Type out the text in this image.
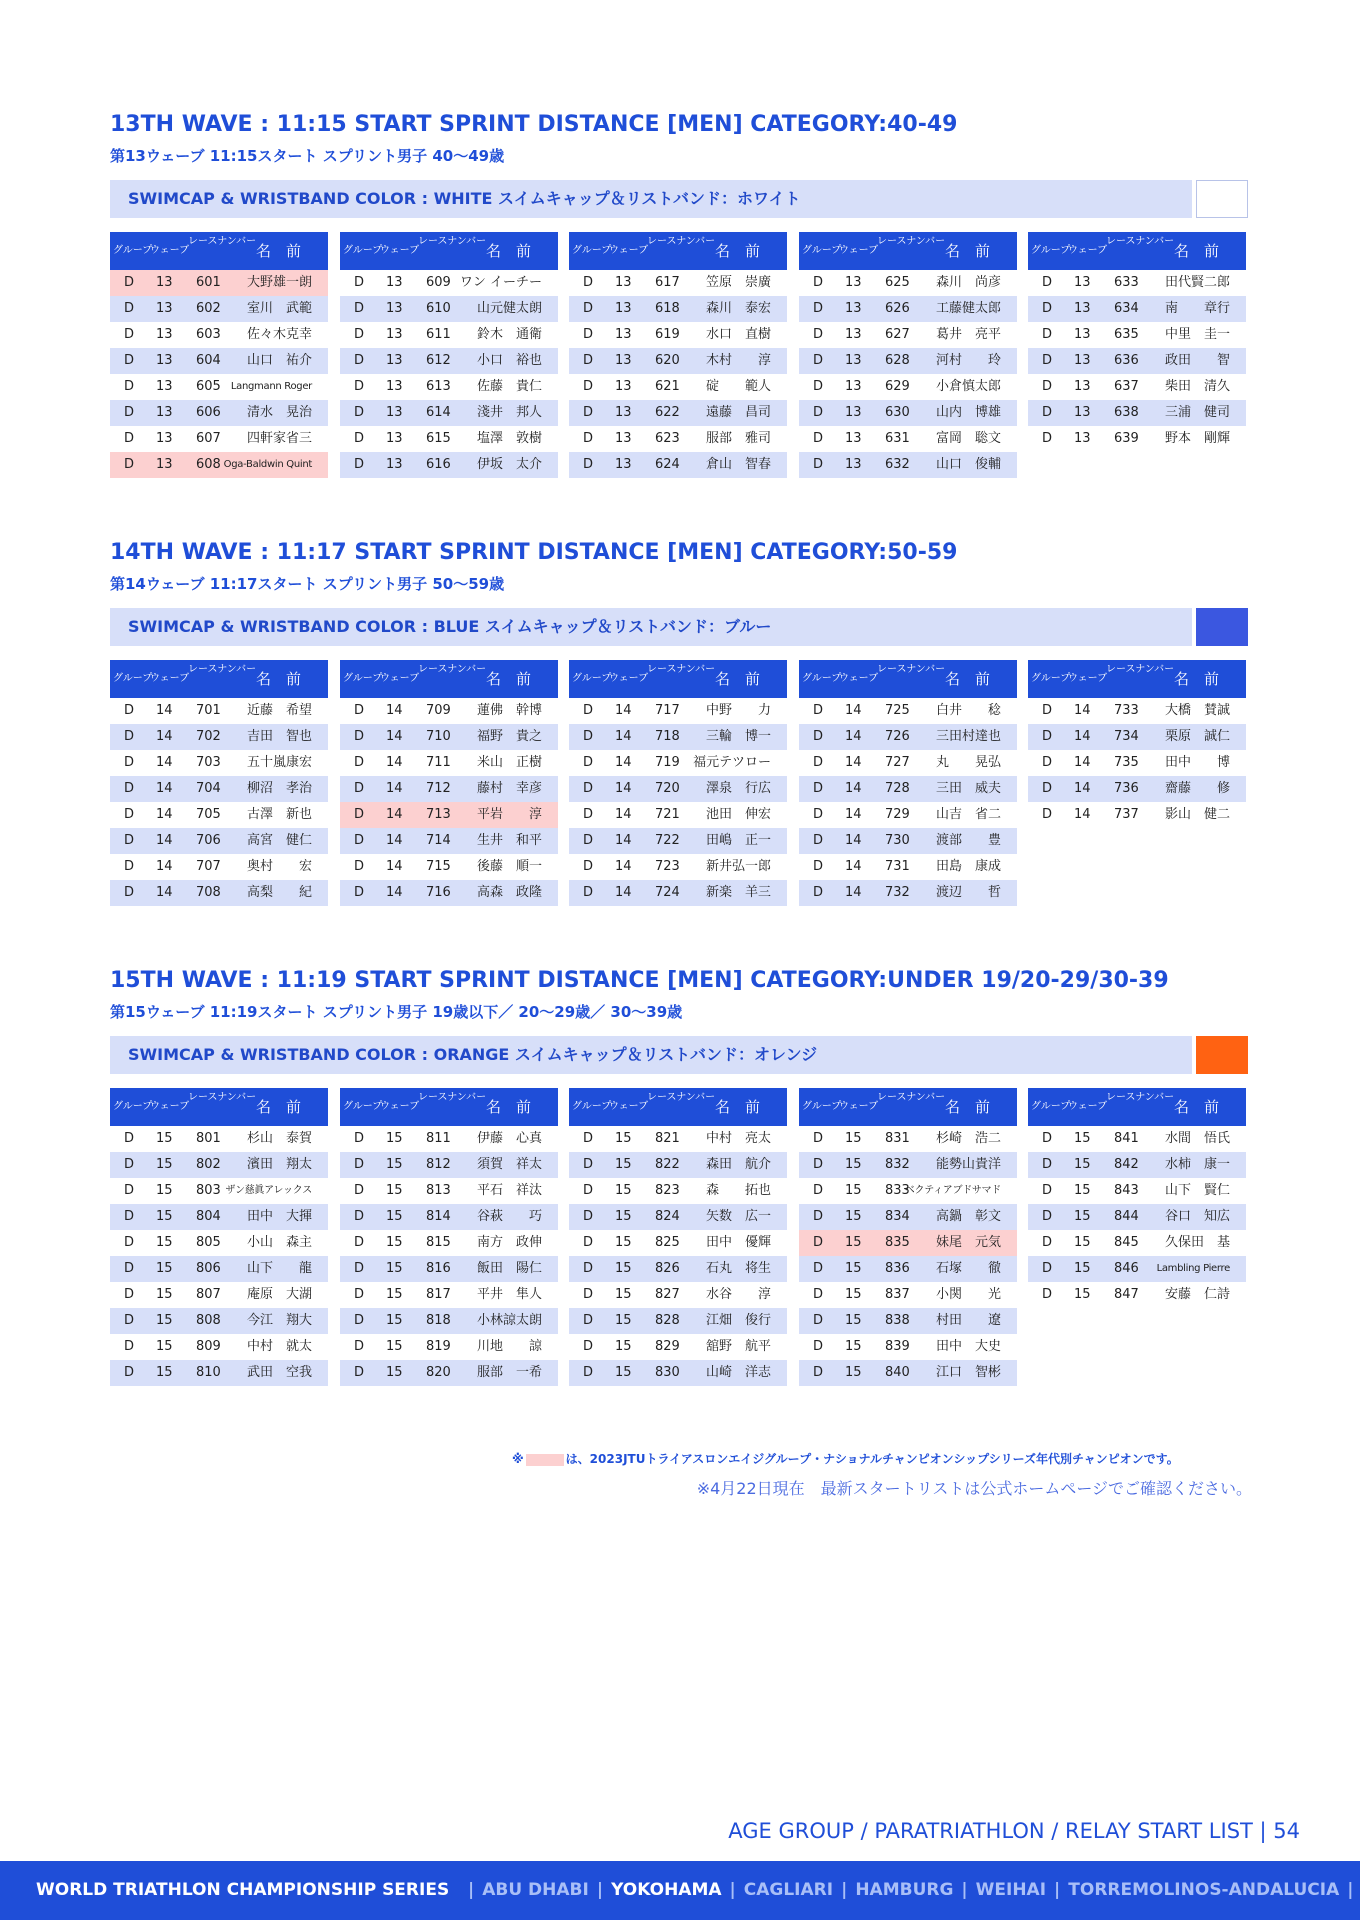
13TH WAVE : 11:15 START SPRINT DISTANCE [MEN] CATEGORY:40-49
第13ウェーブ 11:15スタート スプリント男子 40～49歳
SWIMCAP & WRISTBAND COLOR : WHITE スイムキャップ＆リストバンド：ホワイト
グループ
ウェーブ
レースナンバー
名　前
D 13 601 大野雄一朗
D 13 602 室川　武範
D 13 603 佐々木克幸
D 13 604 山口　祐介
D 13 605 Langmann Roger
D 13 606 清水　晃治
D 13 607 四軒家省三
D 13 608 Oga-Baldwin Quint
グループ
ウェーブ
レースナンバー
名　前
D 13 609 ワン イーチー
D 13 610 山元健太朗
D 13 611 鈴木　通衛
D 13 612 小口　裕也
D 13 613 佐藤　貴仁
D 13 614 淺井　邦人
D 13 615 塩澤　敦樹
D 13 616 伊坂　太介
グループ
ウェーブ
レースナンバー
名　前
D 13 617 笠原　崇廣
D 13 618 森川　泰宏
D 13 619 水口　直樹
D 13 620 木村　　淳
D 13 621 碇　　範人
D 13 622 遠藤　昌司
D 13 623 服部　雅司
D 13 624 倉山　智春
グループ
ウェーブ
レースナンバー
名　前
D 13 625 森川　尚彦
D 13 626 工藤健太郎
D 13 627 葛井　亮平
D 13 628 河村　　玲
D 13 629 小倉慎太郎
D 13 630 山内　博雄
D 13 631 富岡　聡文
D 13 632 山口　俊輔
グループ
ウェーブ
レースナンバー
名　前
D 13 633 田代賢二郎
D 13 634 南　　章行
D 13 635 中里　圭一
D 13 636 政田　　智
D 13 637 柴田　清久
D 13 638 三浦　健司
D 13 639 野本　剛輝
14TH WAVE : 11:17 START SPRINT DISTANCE [MEN] CATEGORY:50-59
第14ウェーブ 11:17スタート スプリント男子 50～59歳
SWIMCAP & WRISTBAND COLOR : BLUE スイムキャップ＆リストバンド：ブルー
グループ
ウェーブ
レースナンバー
名　前
D 14 701 近藤　希望
D 14 702 吉田　智也
D 14 703 五十嵐康宏
D 14 704 柳沼　孝治
D 14 705 古澤　新也
D 14 706 高宮　健仁
D 14 707 奥村　　宏
D 14 708 高梨　　紀
グループ
ウェーブ
レースナンバー
名　前
D 14 709 蓮佛　幹博
D 14 710 福野　貴之
D 14 711 米山　正樹
D 14 712 藤村　幸彦
D 14 713 平岩　　淳
D 14 714 生井　和平
D 14 715 後藤　順一
D 14 716 高森　政隆
グループ
ウェーブ
レースナンバー
名　前
D 14 717 中野　　力
D 14 718 三輪　博一
D 14 719 福元テツロー
D 14 720 澤泉　行広
D 14 721 池田　伸宏
D 14 722 田嶋　正一
D 14 723 新井弘一郎
D 14 724 新楽　羊三
グループ
ウェーブ
レースナンバー
名　前
D 14 725 白井　　稔
D 14 726 三田村達也
D 14 727 丸　　晃弘
D 14 728 三田　威夫
D 14 729 山吉　省二
D 14 730 渡部　　豊
D 14 731 田島　康成
D 14 732 渡辺　　哲
グループ
ウェーブ
レースナンバー
名　前
D 14 733 大橋　賛誠
D 14 734 栗原　誠仁
D 14 735 田中　　博
D 14 736 齋藤　　修
D 14 737 影山　健二
15TH WAVE : 11:19 START SPRINT DISTANCE [MEN] CATEGORY:UNDER 19/20-29/30-39
第15ウェーブ 11:19スタート スプリント男子 19歳以下／ 20～29歳／ 30～39歳
SWIMCAP & WRISTBAND COLOR : ORANGE スイムキャップ＆リストバンド：オレンジ
グループ
ウェーブ
レースナンバー
名　前
D 15 801 杉山　泰賀
D 15 802 濱田　翔太
D 15 803 ザン慈眞アレックス
D 15 804 田中　大揮
D 15 805 小山　森主
D 15 806 山下　　龍
D 15 807 庵原　大湖
D 15 808 今江　翔大
D 15 809 中村　就太
D 15 810 武田　空我
グループ
ウェーブ
レースナンバー
名　前
D 15 811 伊藤　心真
D 15 812 須賀　祥太
D 15 813 平石　祥汰
D 15 814 谷萩　　巧
D 15 815 南方　政伸
D 15 816 飯田　陽仁
D 15 817 平井　隼人
D 15 818 小林諒太朗
D 15 819 川地　　諒
D 15 820 服部　一希
グループ
ウェーブ
レースナンバー
名　前
D 15 821 中村　亮太
D 15 822 森田　航介
D 15 823 森　　拓也
D 15 824 矢数　広一
D 15 825 田中　優輝
D 15 826 石丸　将生
D 15 827 水谷　　淳
D 15 828 江畑　俊行
D 15 829 舘野　航平
D 15 830 山崎　洋志
グループ
ウェーブ
レースナンバー
名　前
D 15 831 杉崎　浩二
D 15 832 能勢山貴洋
D 15 833
ベクティアブドサマド
D 15 834 高鍋　彰文
D 15 835 妹尾　元気
D 15 836 石塚　　徹
D 15 837 小関　　光
D 15 838 村田　　遼
D 15 839 田中　大史
D 15 840 江口　智彬
グループ
ウェーブ
レースナンバー
名　前
D 15 841 水間　悟氏
D 15 842 水柿　康一
D 15 843 山下　賢仁
D 15 844 谷口　知広
D 15 845 久保田　基
D 15 846 Lambling Pierre
D 15 847 安藤　仁詩
※	は、2023JTUトライアスロンエイジグループ・ナショナルチャンピオンシップシリーズ年代別チャンピオンです。
※4月22日現在　最新スタートリストは公式ホームページでご確認ください。
AGE GROUP / PARATRIATHLON / RELAY START LIST | 54
WORLD TRIATHLON CHAMPIONSHIP SERIES	| ABU DHABI | YOKOHAMA | CAGLIARI | HAMBURG | WEIHAI | TORREMOLINOS-ANDALUCIA |
